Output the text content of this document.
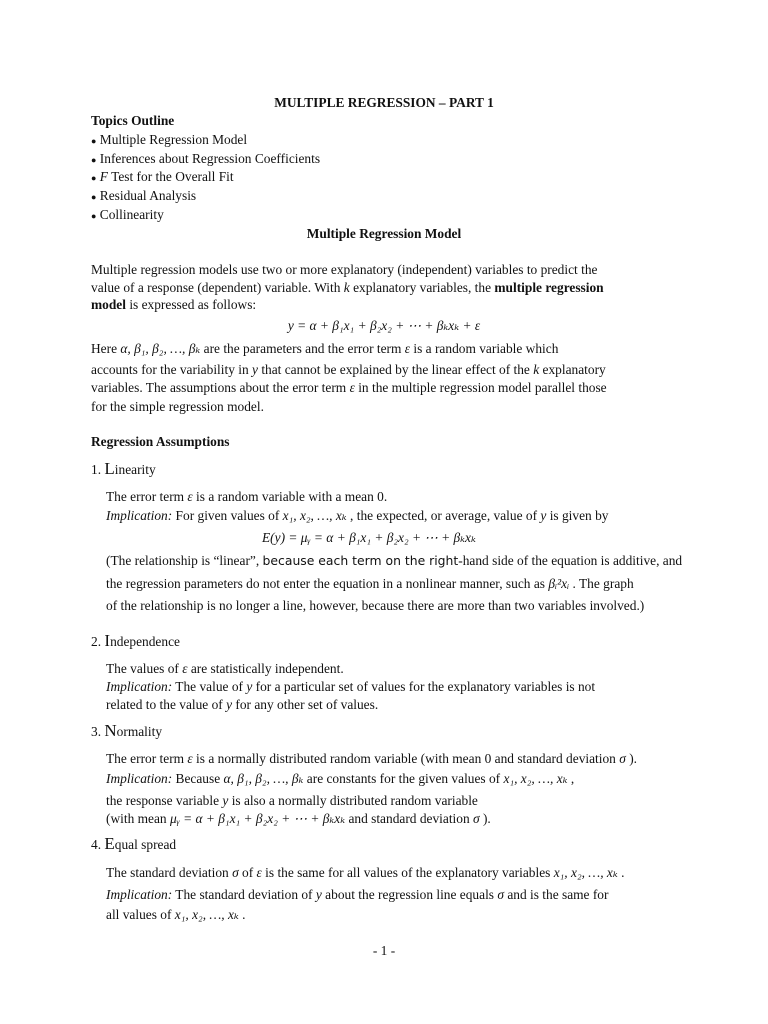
MULTIPLE REGRESSION – PART 1
Topics Outline
● Multiple Regression Model
● Inferences about Regression Coefficients
● F Test for the Overall Fit
● Residual Analysis
● Collinearity
Multiple Regression Model
Multiple regression models use two or more explanatory (independent) variables to predict the
value of a response (dependent) variable. With k explanatory variables, the multiple regression
model is expressed as follows:
y = α + β₁x₁ + β₂x₂ + ⋯ + βₖxₖ + ε
Here α, β₁, β₂, …, βₖ are the parameters and the error term ε is a random variable which
accounts for the variability in y that cannot be explained by the linear effect of the k explanatory
variables. The assumptions about the error term ε in the multiple regression model parallel those
for the simple regression model.
Regression Assumptions
1. Linearity
The error term ε is a random variable with a mean 0.
Implication: For given values of x₁, x₂, …, xₖ , the expected, or average, value of y is given by
E(y) = μᵧ = α + β₁x₁ + β₂x₂ + ⋯ + βₖxₖ
(The relationship is “linear”, because each term on the right-hand side of the equation is additive, and
the regression parameters do not enter the equation in a nonlinear manner, such as βᵢ²xᵢ . The graph
of the relationship is no longer a line, however, because there are more than two variables involved.)
2. Independence
The values of ε are statistically independent.
Implication: The value of y for a particular set of values for the explanatory variables is not
related to the value of y for any other set of values.
3. Normality
The error term ε is a normally distributed random variable (with mean 0 and standard deviation σ ).
Implication: Because α, β₁, β₂, …, βₖ are constants for the given values of x₁, x₂, …, xₖ ,
the response variable y is also a normally distributed random variable
(with mean μᵧ = α + β₁x₁ + β₂x₂ + ⋯ + βₖxₖ and standard deviation σ ).
4. Equal spread
The standard deviation σ of ε is the same for all values of the explanatory variables x₁, x₂, …, xₖ .
Implication: The standard deviation of y about the regression line equals σ and is the same for
all values of x₁, x₂, …, xₖ .
- 1 -
